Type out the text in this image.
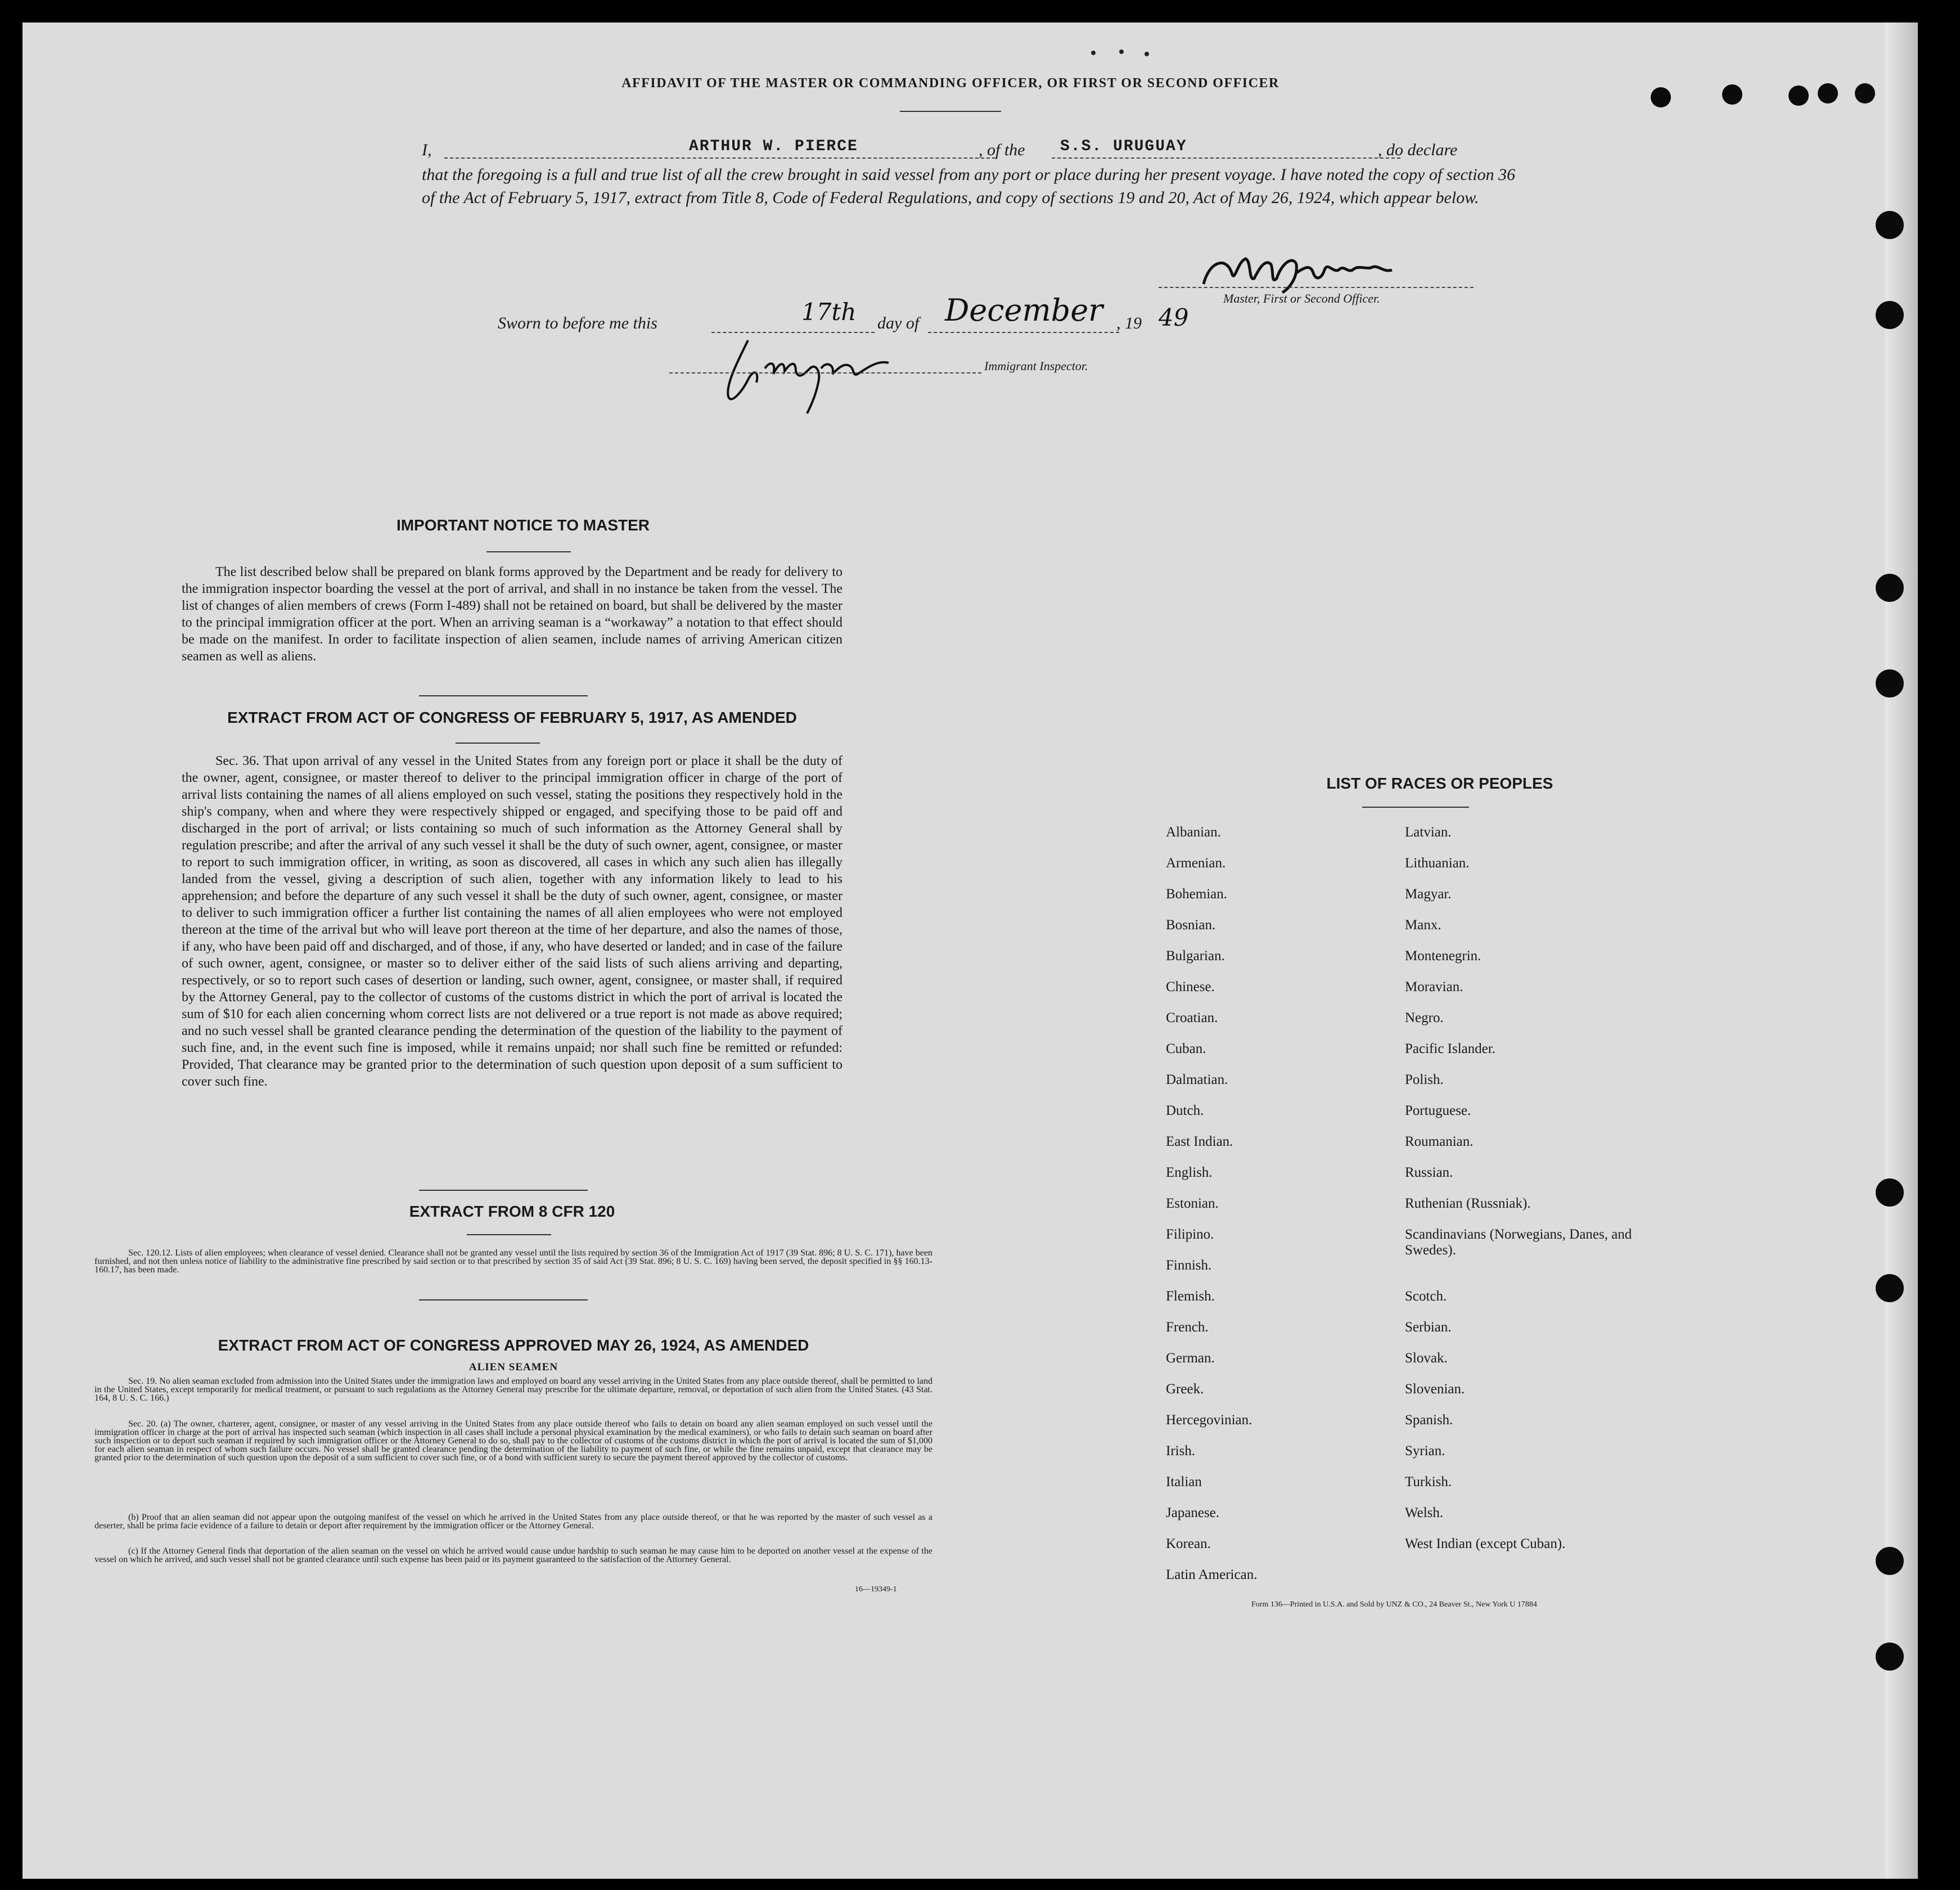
AFFIDAVIT OF THE MASTER OR COMMANDING OFFICER, OR FIRST OR SECOND OFFICER
I,	ARTHUR W. PIERCE	, of the S.S. URUGUAY	, do declare
that the foregoing is a full and true list of all the crew brought in said vessel from any port or place during her present voyage. I have noted the copy of section 36 of the Act of February 5, 1917, extract from Title 8, Code of Federal Regulations, and copy of sections 19 and 20, Act of May 26, 1924, which appear below.
Master, First or Second Officer.
Sworn to before me this	17th day of December , 19 49
Immigrant Inspector.
IMPORTANT NOTICE TO MASTER
The list described below shall be prepared on blank forms approved by the Department and be ready for delivery to the immigration inspector boarding the vessel at the port of arrival, and shall in no instance be taken from the vessel. The list of changes of alien members of crews (Form I-489) shall not be retained on board, but shall be delivered by the master to the principal immigration officer at the port. When an arriving seaman is a “workaway” a notation to that effect should be made on the manifest. In order to facilitate inspection of alien seamen, include names of arriving American citizen seamen as well as aliens.
EXTRACT FROM ACT OF CONGRESS OF FEBRUARY 5, 1917, AS AMENDED
Sec. 36. That upon arrival of any vessel in the United States from any foreign port or place it shall be the duty of the owner, agent, consignee, or master thereof to deliver to the principal immigration officer in charge of the port of arrival lists containing the names of all aliens employed on such vessel, stating the positions they respectively hold in the ship's company, when and where they were respectively shipped or engaged, and specifying those to be paid off and discharged in the port of arrival; or lists containing so much of such information as the Attorney General shall by regulation prescribe; and after the arrival of any such vessel it shall be the duty of such owner, agent, consignee, or master to report to such immigration officer, in writing, as soon as discovered, all cases in which any such alien has illegally landed from the vessel, giving a description of such alien, together with any information likely to lead to his apprehension; and before the departure of any such vessel it shall be the duty of such owner, agent, consignee, or master to deliver to such immigration officer a further list containing the names of all alien employees who were not employed thereon at the time of the arrival but who will leave port thereon at the time of her departure, and also the names of those, if any, who have been paid off and discharged, and of those, if any, who have deserted or landed; and in case of the failure of such owner, agent, consignee, or master so to deliver either of the said lists of such aliens arriving and departing, respectively, or so to report such cases of desertion or landing, such owner, agent, consignee, or master shall, if required by the Attorney General, pay to the collector of customs of the customs district in which the port of arrival is located the sum of $10 for each alien concerning whom correct lists are not delivered or a true report is not made as above required; and no such vessel shall be granted clearance pending the determination of the question of the liability to the payment of such fine, and, in the event such fine is imposed, while it remains unpaid; nor shall such fine be remitted or refunded: Provided, That clearance may be granted prior to the determination of such question upon deposit of a sum sufficient to cover such fine.
EXTRACT FROM 8 CFR 120
Sec. 120.12. Lists of alien employees; when clearance of vessel denied. Clearance shall not be granted any vessel until the lists required by section 36 of the Immigration Act of 1917 (39 Stat. 896; 8 U. S. C. 171), have been furnished, and not then unless notice of liability to the administrative fine prescribed by said section or to that prescribed by section 35 of said Act (39 Stat. 896; 8 U. S. C. 169) having been served, the deposit specified in §§ 160.13-160.17, has been made.
EXTRACT FROM ACT OF CONGRESS APPROVED MAY 26, 1924, AS AMENDED
ALIEN SEAMEN
Sec. 19. No alien seaman excluded from admission into the United States under the immigration laws and employed on board any vessel arriving in the United States from any place outside thereof, shall be permitted to land in the United States, except temporarily for medical treatment, or pursuant to such regulations as the Attorney General may prescribe for the ultimate departure, removal, or deportation of such alien from the United States. (43 Stat. 164, 8 U. S. C. 166.)
Sec. 20. (a) The owner, charterer, agent, consignee, or master of any vessel arriving in the United States from any place outside thereof who fails to detain on board any alien seaman employed on such vessel until the immigration officer in charge at the port of arrival has inspected such seaman (which inspection in all cases shall include a personal physical examination by the medical examiners), or who fails to detain such seaman on board after such inspection or to deport such seaman if required by such immigration officer or the Attorney General to do so, shall pay to the collector of customs of the customs district in which the port of arrival is located the sum of $1,000 for each alien seaman in respect of whom such failure occurs. No vessel shall be granted clearance pending the determination of the liability to payment of such fine, or while the fine remains unpaid, except that clearance may be granted prior to the determination of such question upon the deposit of a sum sufficient to cover such fine, or of a bond with sufficient surety to secure the payment thereof approved by the collector of customs.
(b) Proof that an alien seaman did not appear upon the outgoing manifest of the vessel on which he arrived in the United States from any place outside thereof, or that he was reported by the master of such vessel as a deserter, shall be prima facie evidence of a failure to detain or deport after requirement by the immigration officer or the Attorney General.
(c) If the Attorney General finds that deportation of the alien seaman on the vessel on which he arrived would cause undue hardship to such seaman he may cause him to be deported on another vessel at the expense of the vessel on which he arrived, and such vessel shall not be granted clearance until such expense has been paid or its payment guaranteed to the satisfaction of the Attorney General.
16—19349-1
LIST OF RACES OR PEOPLES
Albanian.
Armenian.
Bohemian.
Bosnian.
Bulgarian.
Chinese.
Croatian.
Cuban.
Dalmatian.
Dutch.
East Indian.
English.
Estonian.
Filipino.
Finnish.
Flemish.
French.
German.
Greek.
Hercegovinian.
Irish.
Italian
Japanese.
Korean.
Latin American.
Latvian.
Lithuanian.
Magyar.
Manx.
Montenegrin.
Moravian.
Negro.
Pacific Islander.
Polish.
Portuguese.
Roumanian.
Russian.
Ruthenian (Russniak).
Scandinavians (Norwegians, Danes, and Swedes).
Scotch.
Serbian.
Slovak.
Slovenian.
Spanish.
Syrian.
Turkish.
Welsh.
West Indian (except Cuban).
Form 136—Printed in U.S.A. and Sold by UNZ & CO., 24 Beaver St., New York U 17884
